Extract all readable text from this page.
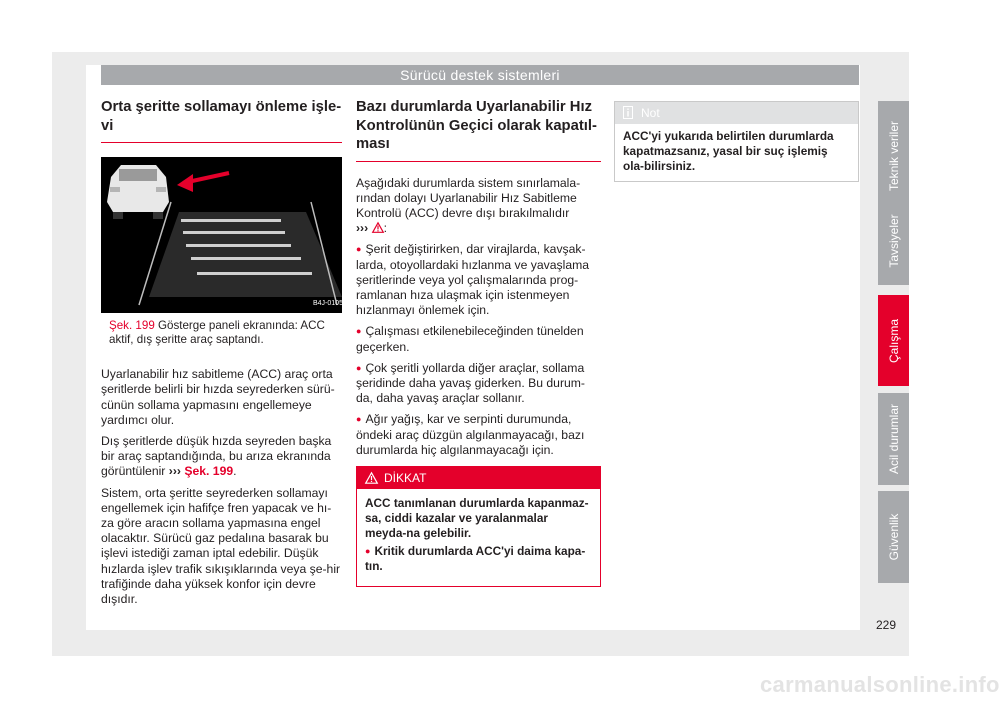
Sürücü destek sistemleri
Orta şeritte sollamayı önleme işle-vi
B4J-0105
Şek. 199 Gösterge paneli ekranında: ACC aktif, dış şeritte araç saptandı.

Uyarlanabilir hız sabitleme (ACC) araç orta şeritlerde belirli bir hızda seyrederken sürü-cünün sollama yapmasını engellemeye yardımcı olur.

Dış şeritlerde düşük hızda seyreden başka bir araç saptandığında, bu arıza ekranında görüntülenir ››› Şek. 199.

Sistem, orta şeritte seyrederken sollamayı engellemek için hafifçe fren yapacak ve hı-za göre aracın sollama yapmasına engel olacaktır. Sürücü gaz pedalına basarak bu işlevi istediği zaman iptal edebilir. Düşük hızlarda işlev trafik sıkışıklarında veya şe-hir trafiğinde daha yüksek konfor için devre dışıdır.

Bazı durumlarda Uyarlanabilir Hız Kontrolünün Geçici olarak kapatıl-ması

Aşağıdaki durumlarda sistem sınırlamala-rından dolayı Uyarlanabilir Hız Sabitleme Kontrolü (ACC) devre dışı bırakılmalıdır
››› :

● Şerit değiştirirken, dar virajlarda, kavşak-larda, otoyollardaki hızlanma ve yavaşlama şeritlerinde veya yol çalışmalarında prog-ramlanan hıza ulaşmak için istenmeyen hızlanmayı önlemek için.

● Çalışması etkilenebileceğinden tünelden geçerken.

● Çok şeritli yollarda diğer araçlar, sollama şeridinde daha yavaş giderken. Bu durum-da, daha yavaş araçlar sollanır.

● Ağır yağış, kar ve serpinti durumunda, öndeki araç düzgün algılanmayacağı, bazı durumlarda hiç algılanmayacağı için.

DİKKAT

ACC tanımlanan durumlarda kapanmaz-sa, ciddi kazalar ve yaralanmalar meyda-na gelebilir.

● Kritik durumlarda ACC'yi daima kapa-tın.

Not
ACC'yi yukarıda belirtilen durumlarda kapatmazsanız, yasal bir suç işlemiş ola-bilirsiniz.	Teknik veriler
Tavsiyeler
Çalışma
Acil durumlar
Güvenlik
229
carmanualsonline.info
